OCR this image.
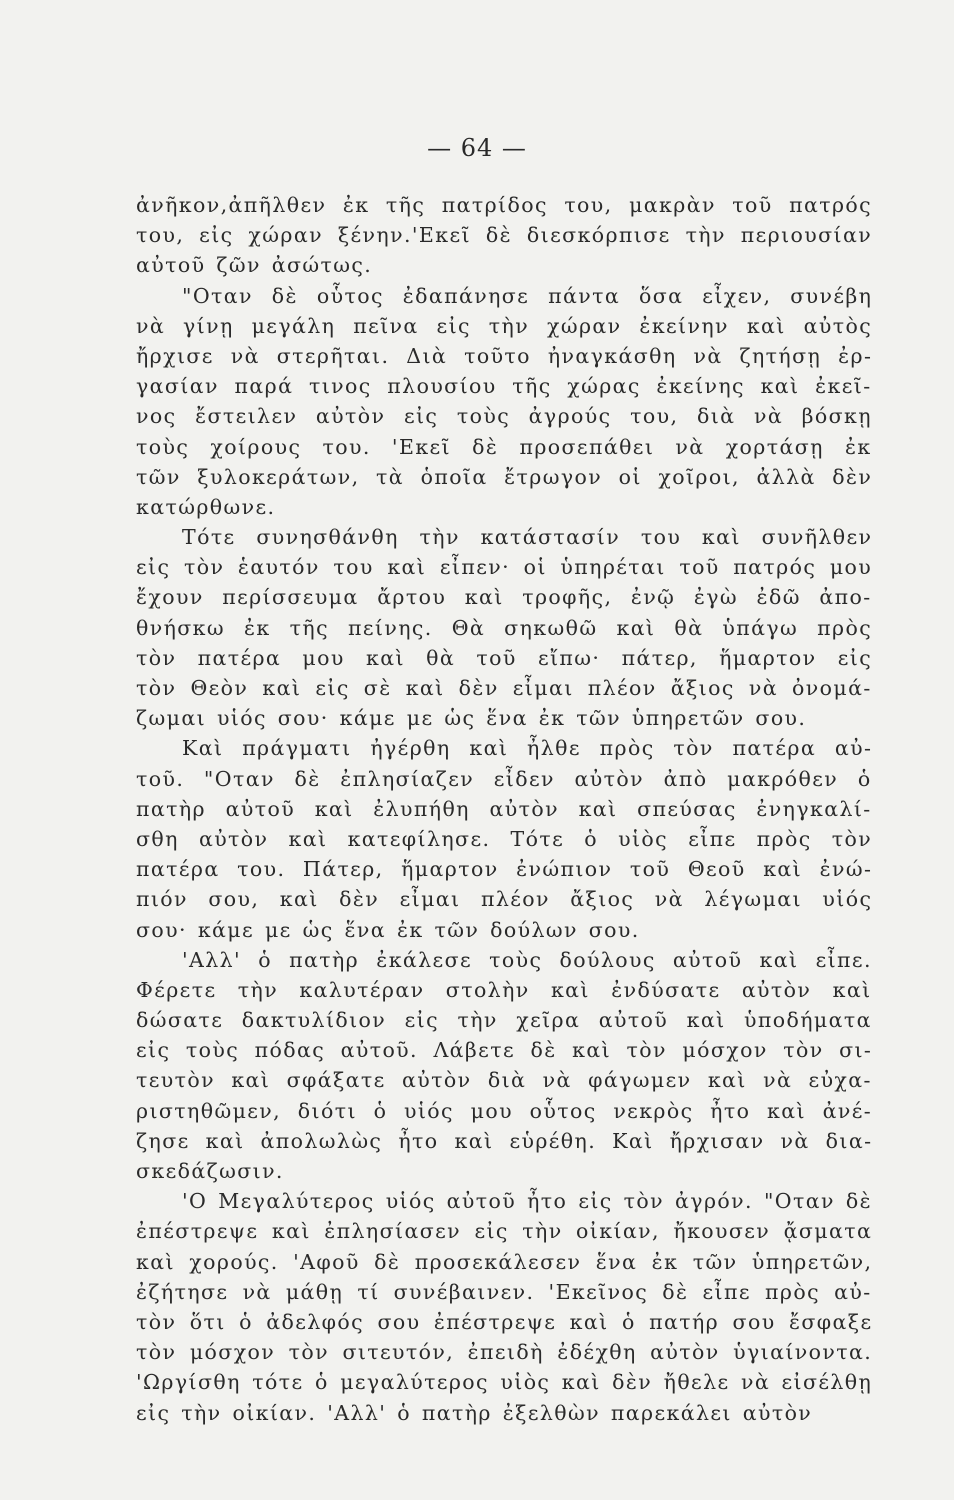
— 64 —
ἀνῆκον,ἀπῆλθεν ἐκ τῆς πατρίδος του, μακρὰν τοῦ πατρός
του, εἰς χώραν ξένην.'Εκεῖ δὲ διεσκόρπισε τὴν περιουσίαν
αὐτοῦ ζῶν ἀσώτως.
"Οταν δὲ οὗτος ἐδαπάνησε πάντα ὅσα εἶχεν, συνέβη
νὰ γίνῃ μεγάλη πεῖνα εἰς τὴν χώραν ἐκείνην καὶ αὐτὸς
ἤρχισε νὰ στερῆται. Διὰ τοῦτο ἠναγκάσθη νὰ ζητήσῃ ἐρ-
γασίαν παρά τινος πλουσίου τῆς χώρας ἐκείνης καὶ ἐκεῖ-
νος ἔστειλεν αὐτὸν εἰς τοὺς ἀγρούς του, διὰ νὰ βόσκῃ
τοὺς χοίρους του. 'Εκεῖ δὲ προσεπάθει νὰ χορτάσῃ ἐκ
τῶν ξυλοκεράτων, τὰ ὁποῖα ἔτρωγον οἱ χοῖροι, ἀλλὰ δὲν
κατώρθωνε.
Τότε συνησθάνθη τὴν κατάστασίν του καὶ συνῆλθεν
εἰς τὸν ἑαυτόν του καὶ εἶπεν· οἱ ὑπηρέται τοῦ πατρός μου
ἔχουν περίσσευμα ἄρτου καὶ τροφῆς, ἐνῷ ἐγὼ ἐδῶ ἀπο-
θνήσκω ἐκ τῆς πείνης. Θὰ σηκωθῶ καὶ θὰ ὑπάγω πρὸς
τὸν πατέρα μου καὶ θὰ τοῦ εἴπω· πάτερ, ἥμαρτον εἰς
τὸν Θεὸν καὶ εἰς σὲ καὶ δὲν εἶμαι πλέον ἄξιος νὰ ὀνομά-
ζωμαι υἱός σου· κάμε με ὡς ἕνα ἐκ τῶν ὑπηρετῶν σου.
Καὶ πράγματι ἠγέρθη καὶ ἦλθε πρὸς τὸν πατέρα αὐ-
τοῦ. "Οταν δὲ ἐπλησίαζεν εἶδεν αὐτὸν ἀπὸ μακρόθεν ὁ
πατὴρ αὐτοῦ καὶ ἐλυπήθη αὐτὸν καὶ σπεύσας ἐνηγκαλί-
σθη αὐτὸν καὶ κατεφίλησε. Τότε ὁ υἱὸς εἶπε πρὸς τὸν
πατέρα του. Πάτερ, ἥμαρτον ἐνώπιον τοῦ Θεοῦ καὶ ἐνώ-
πιόν σου, καὶ δὲν εἶμαι πλέον ἄξιος νὰ λέγωμαι υἱός
σου· κάμε με ὡς ἕνα ἐκ τῶν δούλων σου.
'Αλλ' ὁ πατὴρ ἐκάλεσε τοὺς δούλους αὐτοῦ καὶ εἶπε.
Φέρετε τὴν καλυτέραν στολὴν καὶ ἐνδύσατε αὐτὸν καὶ
δώσατε δακτυλίδιον εἰς τὴν χεῖρα αὐτοῦ καὶ ὑποδήματα
εἰς τοὺς πόδας αὐτοῦ. Λάβετε δὲ καὶ τὸν μόσχον τὸν σι-
τευτὸν καὶ σφάξατε αὐτὸν διὰ νὰ φάγωμεν καὶ νὰ εὐχα-
ριστηθῶμεν, διότι ὁ υἱός μου οὗτος νεκρὸς ἦτο καὶ ἀνέ-
ζησε καὶ ἀπολωλὼς ἦτο καὶ εὑρέθη. Καὶ ἤρχισαν νὰ δια-
σκεδάζωσιν.
'Ο Μεγαλύτερος υἱός αὐτοῦ ἦτο εἰς τὸν ἀγρόν. "Οταν δὲ
ἐπέστρεψε καὶ ἐπλησίασεν εἰς τὴν οἰκίαν, ἤκουσεν ᾄσματα
καὶ χορούς. 'Αφοῦ δὲ προσεκάλεσεν ἕνα ἐκ τῶν ὑπηρετῶν,
ἐζήτησε νὰ μάθῃ τί συνέβαινεν. 'Εκεῖνος δὲ εἶπε πρὸς αὐ-
τὸν ὅτι ὁ ἀδελφός σου ἐπέστρεψε καὶ ὁ πατήρ σου ἔσφαξε
τὸν μόσχον τὸν σιτευτόν, ἐπειδὴ ἐδέχθη αὐτὸν ὑγιαίνοντα.
'Ωργίσθη τότε ὁ μεγαλύτερος υἱὸς καὶ δὲν ἤθελε νὰ εἰσέλθῃ
εἰς τὴν οἰκίαν. 'Αλλ' ὁ πατὴρ ἐξελθὼν παρεκάλει αὐτὸν
